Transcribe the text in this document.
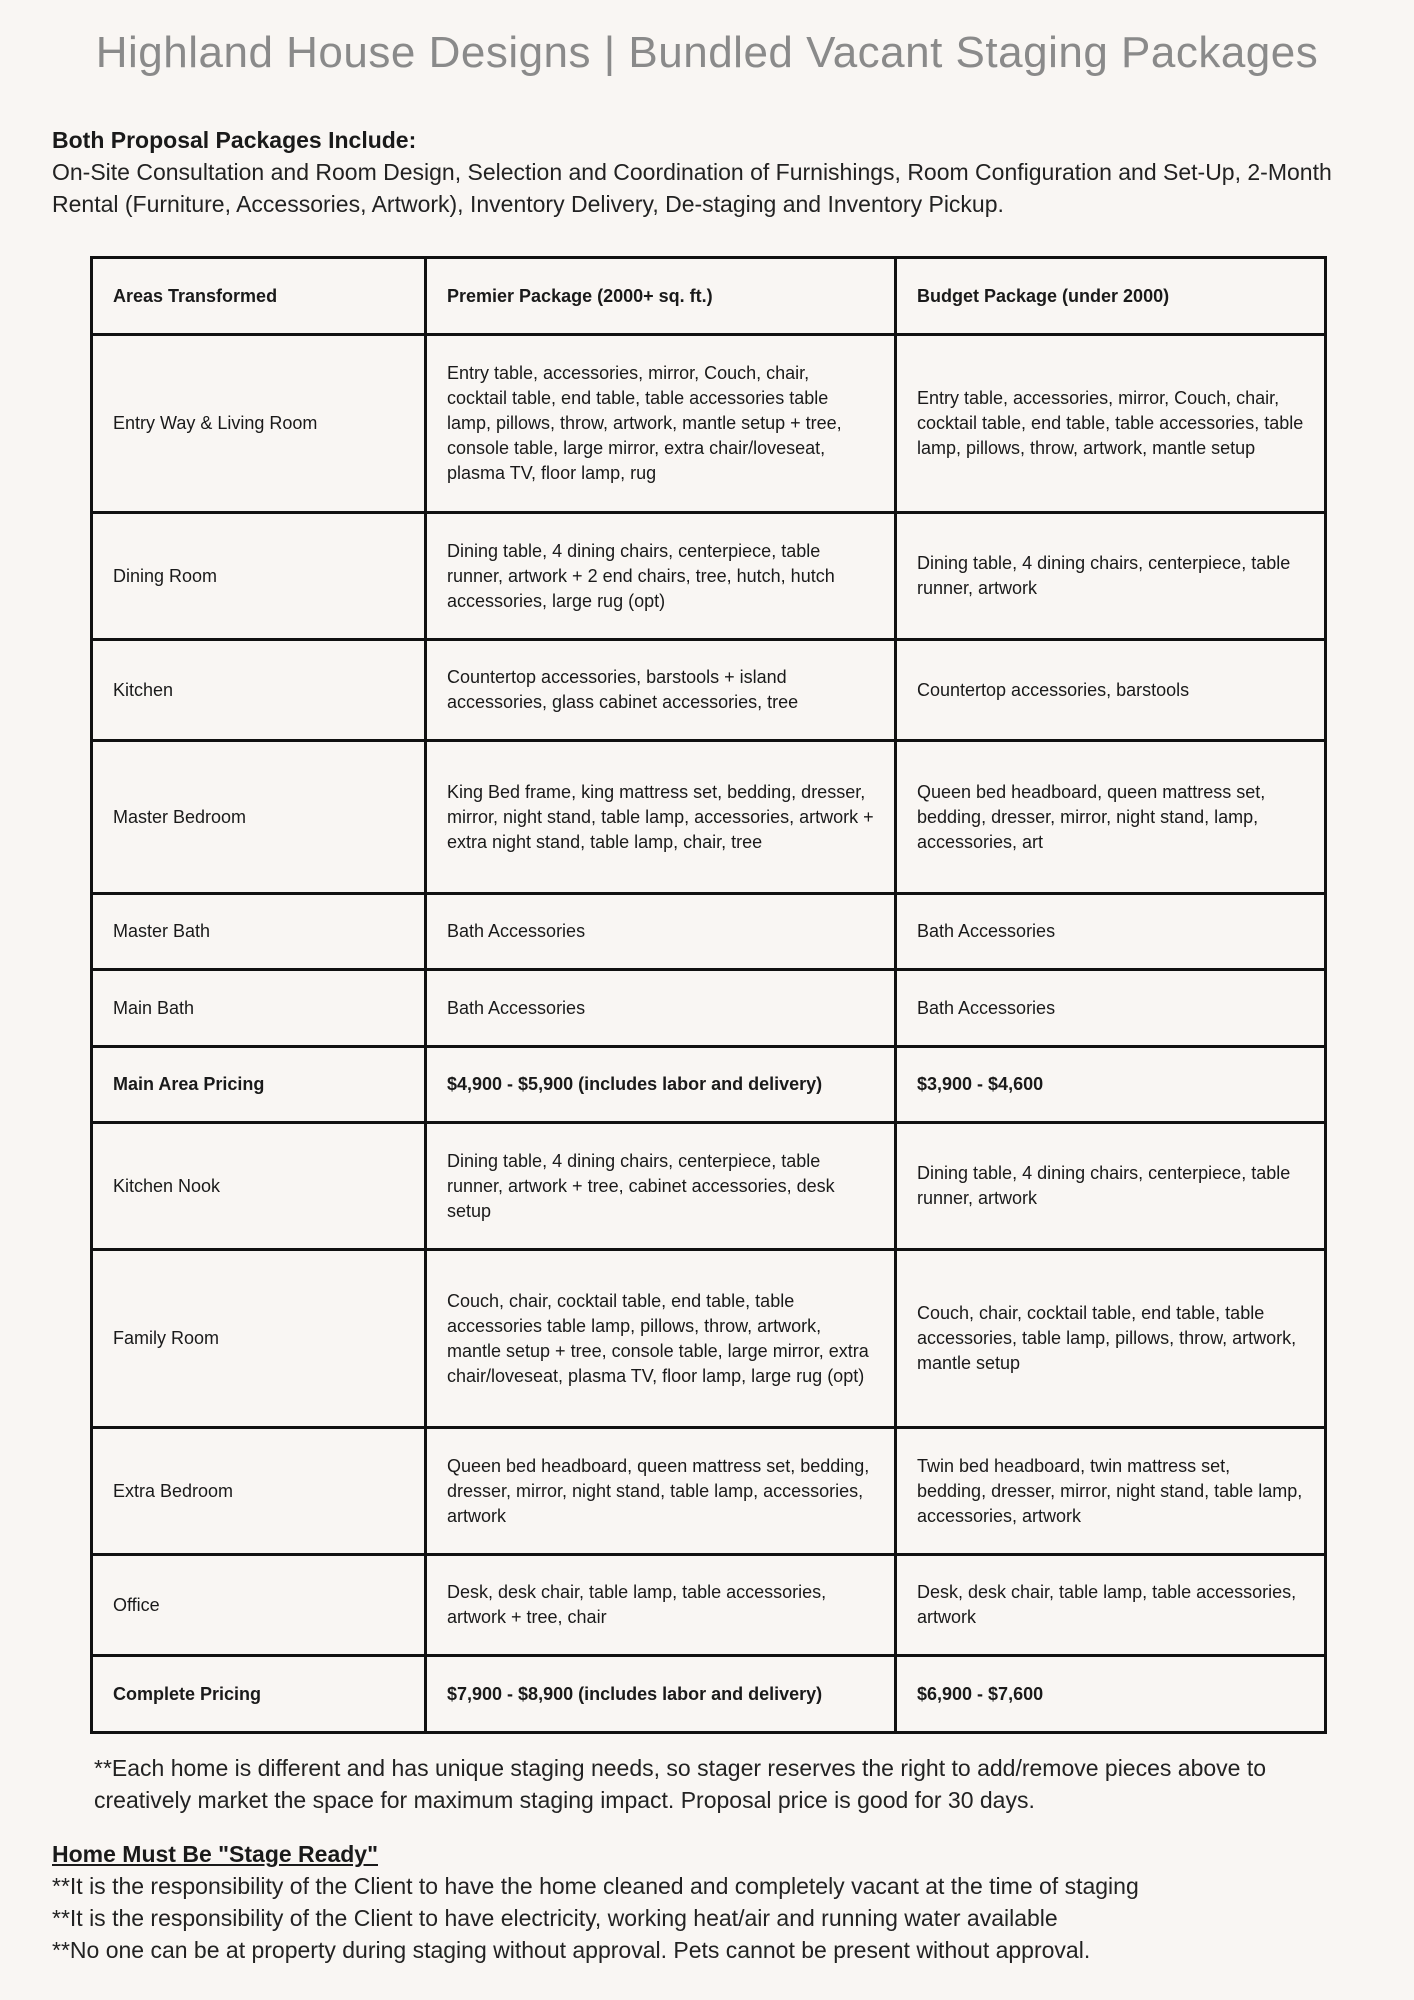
Highland House Designs | Bundled Vacant Staging Packages
Both Proposal Packages Include:
On-Site Consultation and Room Design, Selection and Coordination of Furnishings, Room Configuration and Set-Up, 2-Month Rental (Furniture, Accessories, Artwork), Inventory Delivery, De-staging and Inventory Pickup.
Areas Transformed	Premier Package (2000+ sq. ft.)	Budget Package (under 2000)
Entry Way & Living Room	Entry table, accessories, mirror, Couch, chair, cocktail table, end table, table accessories table lamp, pillows, throw, artwork, mantle setup + tree, console table, large mirror, extra chair/loveseat, plasma TV, floor lamp, rug	Entry table, accessories, mirror, Couch, chair, cocktail table, end table, table accessories, table lamp, pillows, throw, artwork, mantle setup
Dining Room	Dining table, 4 dining chairs, centerpiece, table runner, artwork + 2 end chairs, tree, hutch, hutch accessories, large rug (opt)	Dining table, 4 dining chairs, centerpiece, table runner, artwork
Kitchen	Countertop accessories, barstools + island accessories, glass cabinet accessories, tree	Countertop accessories, barstools
Master Bedroom	King Bed frame, king mattress set, bedding, dresser, mirror, night stand, table lamp, accessories, artwork + extra night stand, table lamp, chair, tree	Queen bed headboard, queen mattress set, bedding, dresser, mirror, night stand, lamp, accessories, art
Master Bath	Bath Accessories	Bath Accessories
Main Bath	Bath Accessories	Bath Accessories
Main Area Pricing	$4,900 - $5,900 (includes labor and delivery)	$3,900 - $4,600
Kitchen Nook	Dining table, 4 dining chairs, centerpiece, table runner, artwork + tree, cabinet accessories, desk setup	Dining table, 4 dining chairs, centerpiece, table runner, artwork
Family Room	Couch, chair, cocktail table, end table, table accessories table lamp, pillows, throw, artwork, mantle setup + tree, console table, large mirror, extra chair/loveseat, plasma TV, floor lamp, large rug (opt)	Couch, chair, cocktail table, end table, table accessories, table lamp, pillows, throw, artwork, mantle setup
Extra Bedroom	Queen bed headboard, queen mattress set, bedding, dresser, mirror, night stand, table lamp, accessories, artwork	Twin bed headboard, twin mattress set, bedding, dresser, mirror, night stand, table lamp, accessories, artwork
Office	Desk, desk chair, table lamp, table accessories, artwork + tree, chair	Desk, desk chair, table lamp, table accessories, artwork
Complete Pricing	$7,900 - $8,900 (includes labor and delivery)	$6,900 - $7,600
**Each home is different and has unique staging needs, so stager reserves the right to add/remove pieces above to creatively market the space for maximum staging impact. Proposal price is good for 30 days.
Home Must Be "Stage Ready"
**It is the responsibility of the Client to have the home cleaned and completely vacant at the time of staging
**It is the responsibility of the Client to have electricity, working heat/air and running water available
**No one can be at property during staging without approval. Pets cannot be present without approval.
